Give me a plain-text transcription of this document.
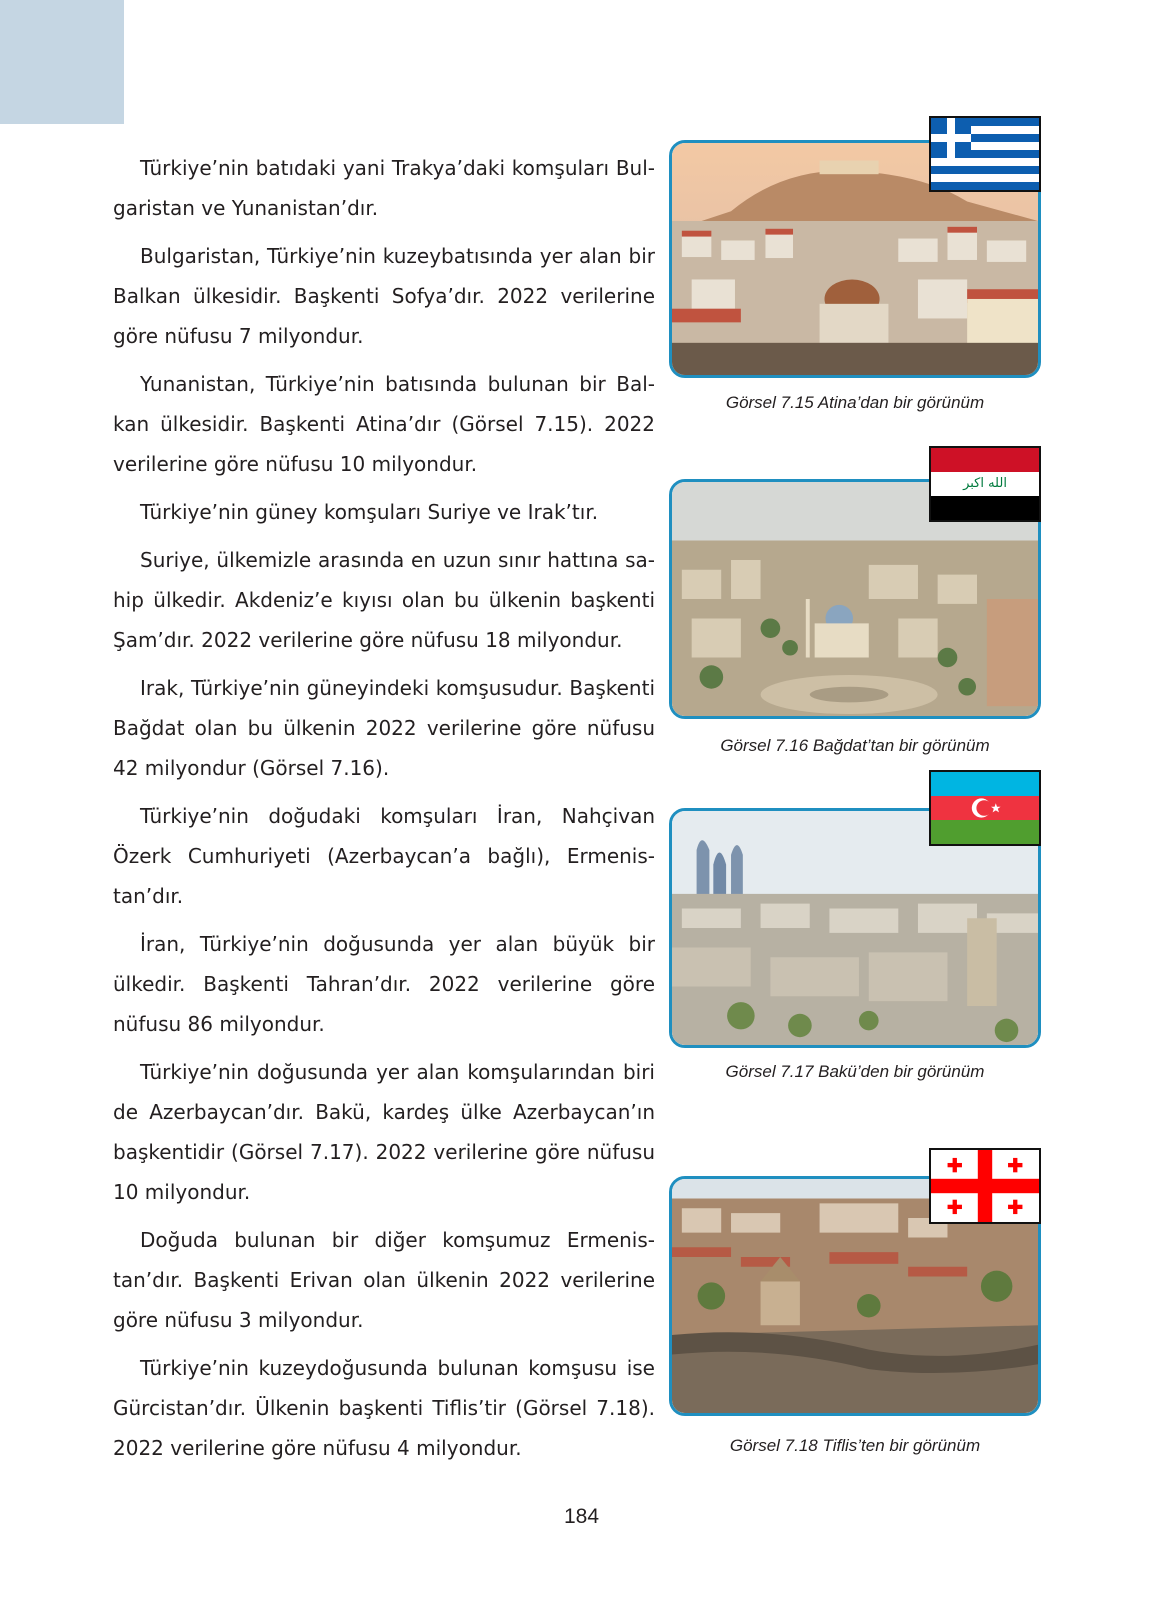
Türkiye’nin batıdaki yani Trakya’daki komşuları Bulgaristan ve Yunanistan’dır.

Bulgaristan, Türkiye’nin kuzeybatısında yer alan bir Balkan ülkesidir. Başkenti Sofya’dır. 2022 verilerine göre nüfusu 7 milyondur.

Yunanistan, Türkiye’nin batısında bulunan bir Balkan ülkesidir. Başkenti Atina’dır (Görsel 7.15). 2022 verilerine göre nüfusu 10 milyondur.

Türkiye’nin güney komşuları Suriye ve Irak’tır.

Suriye, ülkemizle arasında en uzun sınır hattına sahip ülkedir. Akdeniz’e kıyısı olan bu ülkenin başkenti Şam’dır. 2022 verilerine göre nüfusu 18 milyondur.

Irak, Türkiye’nin güneyindeki komşusudur. Başkenti Bağdat olan bu ülkenin 2022 verilerine göre nüfusu 42 milyondur (Görsel 7.16).

Türkiye’nin doğudaki komşuları İran, Nahçivan Özerk Cumhuriyeti (Azerbaycan’a bağlı), Ermenistan’dır.

İran, Türkiye’nin doğusunda yer alan büyük bir ülkedir. Başkenti Tahran’dır. 2022 verilerine göre nüfusu 86 milyondur.

Türkiye’nin doğusunda yer alan komşularından biri de Azerbaycan’dır. Bakü, kardeş ülke Azerbaycan’ın başkentidir (Görsel 7.17). 2022 verilerine göre nüfusu 10 milyondur.

Doğuda bulunan bir diğer komşumuz Ermenistan’dır. Başkenti Erivan olan ülkenin 2022 verilerine göre nüfusu 3 milyondur.

Türkiye’nin kuzeydoğusunda bulunan komşusu ise Gürcistan’dır. Ülkenin başkenti Tiflis’tir (Görsel 7.18). 2022 verilerine göre nüfusu 4 milyondur.

Görsel 7.15 Atina’dan bir görünüm
الله اكبر
Görsel 7.16 Bağdat’tan bir görünüm
Görsel 7.17 Bakü’den bir görünüm
Görsel 7.18 Tiflis’ten bir görünüm
184
